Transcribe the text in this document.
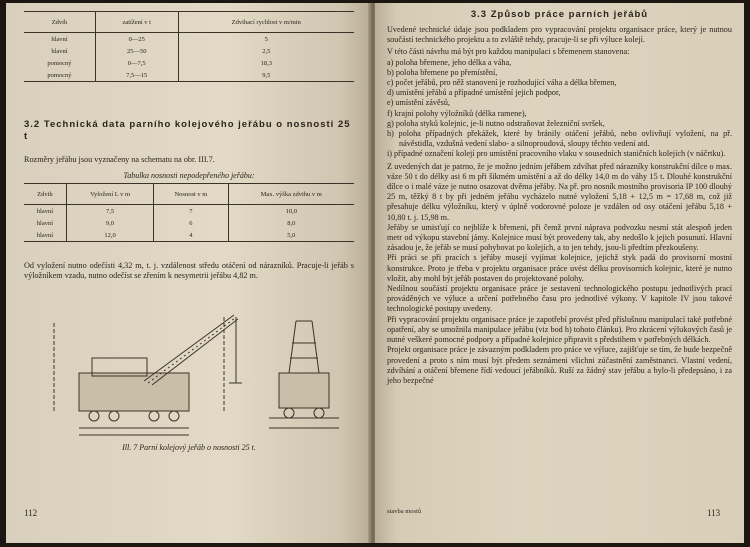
Zdvih	zatížení v t	Zdvihací rychlost v m/min
hlavní	0—25	5
hlavní	25—50	2,5
pomocný	0—7,5	18,3
pomocný	7,5—15	9,5
3.2 Technická data parního kolejového jeřábu o nosnosti 25 t
Rozměry jeřábu jsou vyznačeny na schematu na obr. III.7.
Tabulka nosnosti nepodepřeného jeřábu:
Zdvih	Vyložení L v m	Nosnost v m	Max. výška zdvihu v m
hlavní	7,5	7	10,0
hlavní	9,0	6	8,0
hlavní	12,0	4	5,0
Od vyložení nutno odečísti 4,32 m, t. j. vzdálenost středu otáčení od nárazníků. Pracuje-li jeřáb s výložníkem vzadu, nutno odečíst se zřením k nesymetrii jeřábu 4,82 m.
Ill. 7 Parní kolejový jeřáb o nosnosti 25 t.
112
3.3 Způsob práce parních jeřábů
Uvedené technické údaje jsou podkladem pro vypracování projektu organisace práce, který je nutnou součástí technického projektu a to zvláště tehdy, pracuje-li se při výluce kolejí.
V této části návrhu má být pro každou manipulaci s břemenem stanovena:
a) poloha břemene, jeho délka a váha,
b) poloha břemene po přemístění,
c) počet jeřábů, pro něž stanovení je rozhodující váha a délka břemen,
d) umístění jeřábů a případné umístění jejich podpor,
e) umístění závěsů,
f) krajní polohy výložníků (délka ramene),
g) poloha styků kolejnic, je-li nutno odstraňovat železniční svršek,
h) poloha případných překážek, které by bránily otáčení jeřábů, nebo ovlivňují vyložení, na př. návěstidla, vzdušná vedení slabo- a silnoproudová, sloupy těchto vedení atd.
i) případné označení kolejí pro umístění pracovního vlaku v sousedních staničních kolejích (v náčrtku).
Z uvedených dat je patrno, že je možno jedním jeřábem zdvíhat před nárazníky konstrukční dílce o max. váze 50 t do délky asi 6 m při šikmém umístění a až do délky 14,0 m do váhy 15 t. Dlouhé konstrukční dílce o i malé váze je nutno osazovat dvěma jeřáby. Na př. pro nosník mostního provisoria IP 100 dlouhý 25 m, těžký 8 t by při jedném jeřábu vycházelo nutné vyložení 5,18 + 12,5 m = 17,68 m, což již přesahuje délku výložníku, který v úplně vodorovné poloze je vzdálen od osy otáčení jeřábu 5,18 + 10,80 t. j. 15,98 m.
Jeřáby se umisťují co nejblíže k břemeni, při čemž první náprava podvozku nesmí stát alespoň jeden metr od výkopu stavební jámy. Kolejnice musí být provedeny tak, aby nedošlo k jejich posunutí. Hlavní zásadou je, že jeřáb se musí pohybovat po kolejích, a to jen tehdy, jsou-li předtím přezkoušeny.
Při práci se při pracích s jeřáby musejí vyjímat kolejnice, jejichž styk padá do provisorní mostní konstrukce. Proto je třeba v projektu organisace práce uvést délku provisorních kolejnic, které je nutno vložit, aby mohl být jeřáb postaven do projektované polohy.
Nedílnou součástí projektu organisace práce je sestavení technologického postupu jednotlivých prací prováděných ve výluce a určení potřebného času pro jednotlivé výkony. V kapitole IV jsou takové technologické postupy uvedeny.
Při vypracování projektu organisace práce je zapotřebí provést před příslušnou manipulací také potřebné opatření, aby se umožnila manipulace jeřábu (viz bod h) tohoto článku). Pro zkrácení výlukových časů je nutné veškeré pomocné podpory a případné kolejnice připravit s předstihem v potřebných délkách.
Projekt organisace práce je závazným podkladem pro práce ve výluce, zajišťuje se tím, že bude bezpečně provedení a proto s ním musí být předem seznámeni všichni zúčastnění zaměstnanci. Vlastní vedení, zdvíhání a otáčení břemene řídí vedoucí jeřábníků. Ruší za žádný stav jeřábu a bylo-li předepsáno, i za jeho bezpečné
stavba mostů	113
